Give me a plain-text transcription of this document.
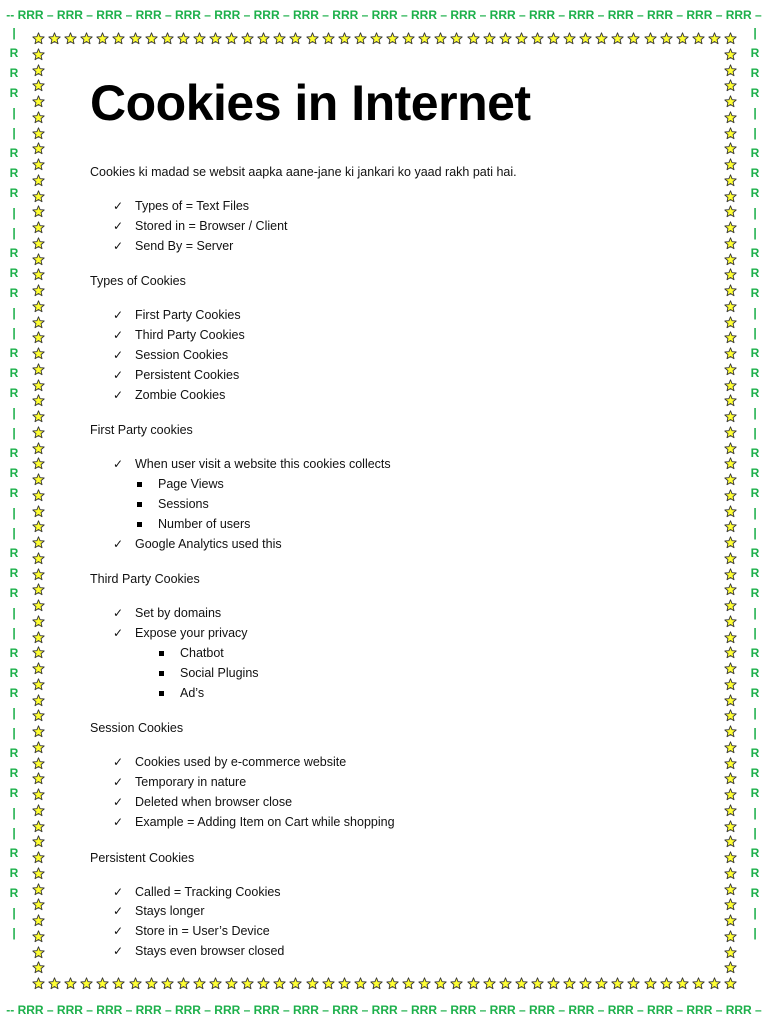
-- RRR – RRR – RRR – RRR – RRR – RRR – RRR – RRR – RRR – RRR – RRR – RRR – RRR – RRR – RRR – RRR – RRR – RRR – RRR –
-- RRR – RRR – RRR – RRR – RRR – RRR – RRR – RRR – RRR – RRR – RRR – RRR – RRR – RRR – RRR – RRR – RRR – RRR – RRR –
|
R
R
R
|
|
R
R
R
|
|
R
R
R
|
|
R
R
R
|
|
R
R
R
|
|
R
R
R
|
|
R
R
R
|
|
R
R
R
|
|
R
R
R
|
|
|
R
R
R
|
|
R
R
R
|
|
R
R
R
|
|
R
R
R
|
|
R
R
R
|
|
R
R
R
|
|
R
R
R
|
|
R
R
R
|
|
R
R
R
|
|
Cookies in Internet

Cookies ki madad se websit aapka aane-jane ki jankari ko yaad rakh pati hai.

✓ Types of = Text Files
✓ Stored in = Browser / Client
✓ Send By = Server

Types of Cookies

✓ First Party Cookies
✓ Third Party Cookies
✓ Session Cookies
✓ Persistent Cookies
✓ Zombie Cookies

First Party cookies

✓ When user visit a website this cookies collects
Page Views
Sessions
Number of users
✓ Google Analytics used this

Third Party Cookies

✓ Set by domains
✓ Expose your privacy
Chatbot
Social Plugins
Ad’s

Session Cookies

✓ Cookies used by e-commerce website
✓ Temporary in nature
✓ Deleted when browser close
✓ Example = Adding Item on Cart while shopping

Persistent Cookies

✓ Called = Tracking Cookies
✓ Stays longer
✓ Store in = User’s Device
✓ Stays even browser closed
